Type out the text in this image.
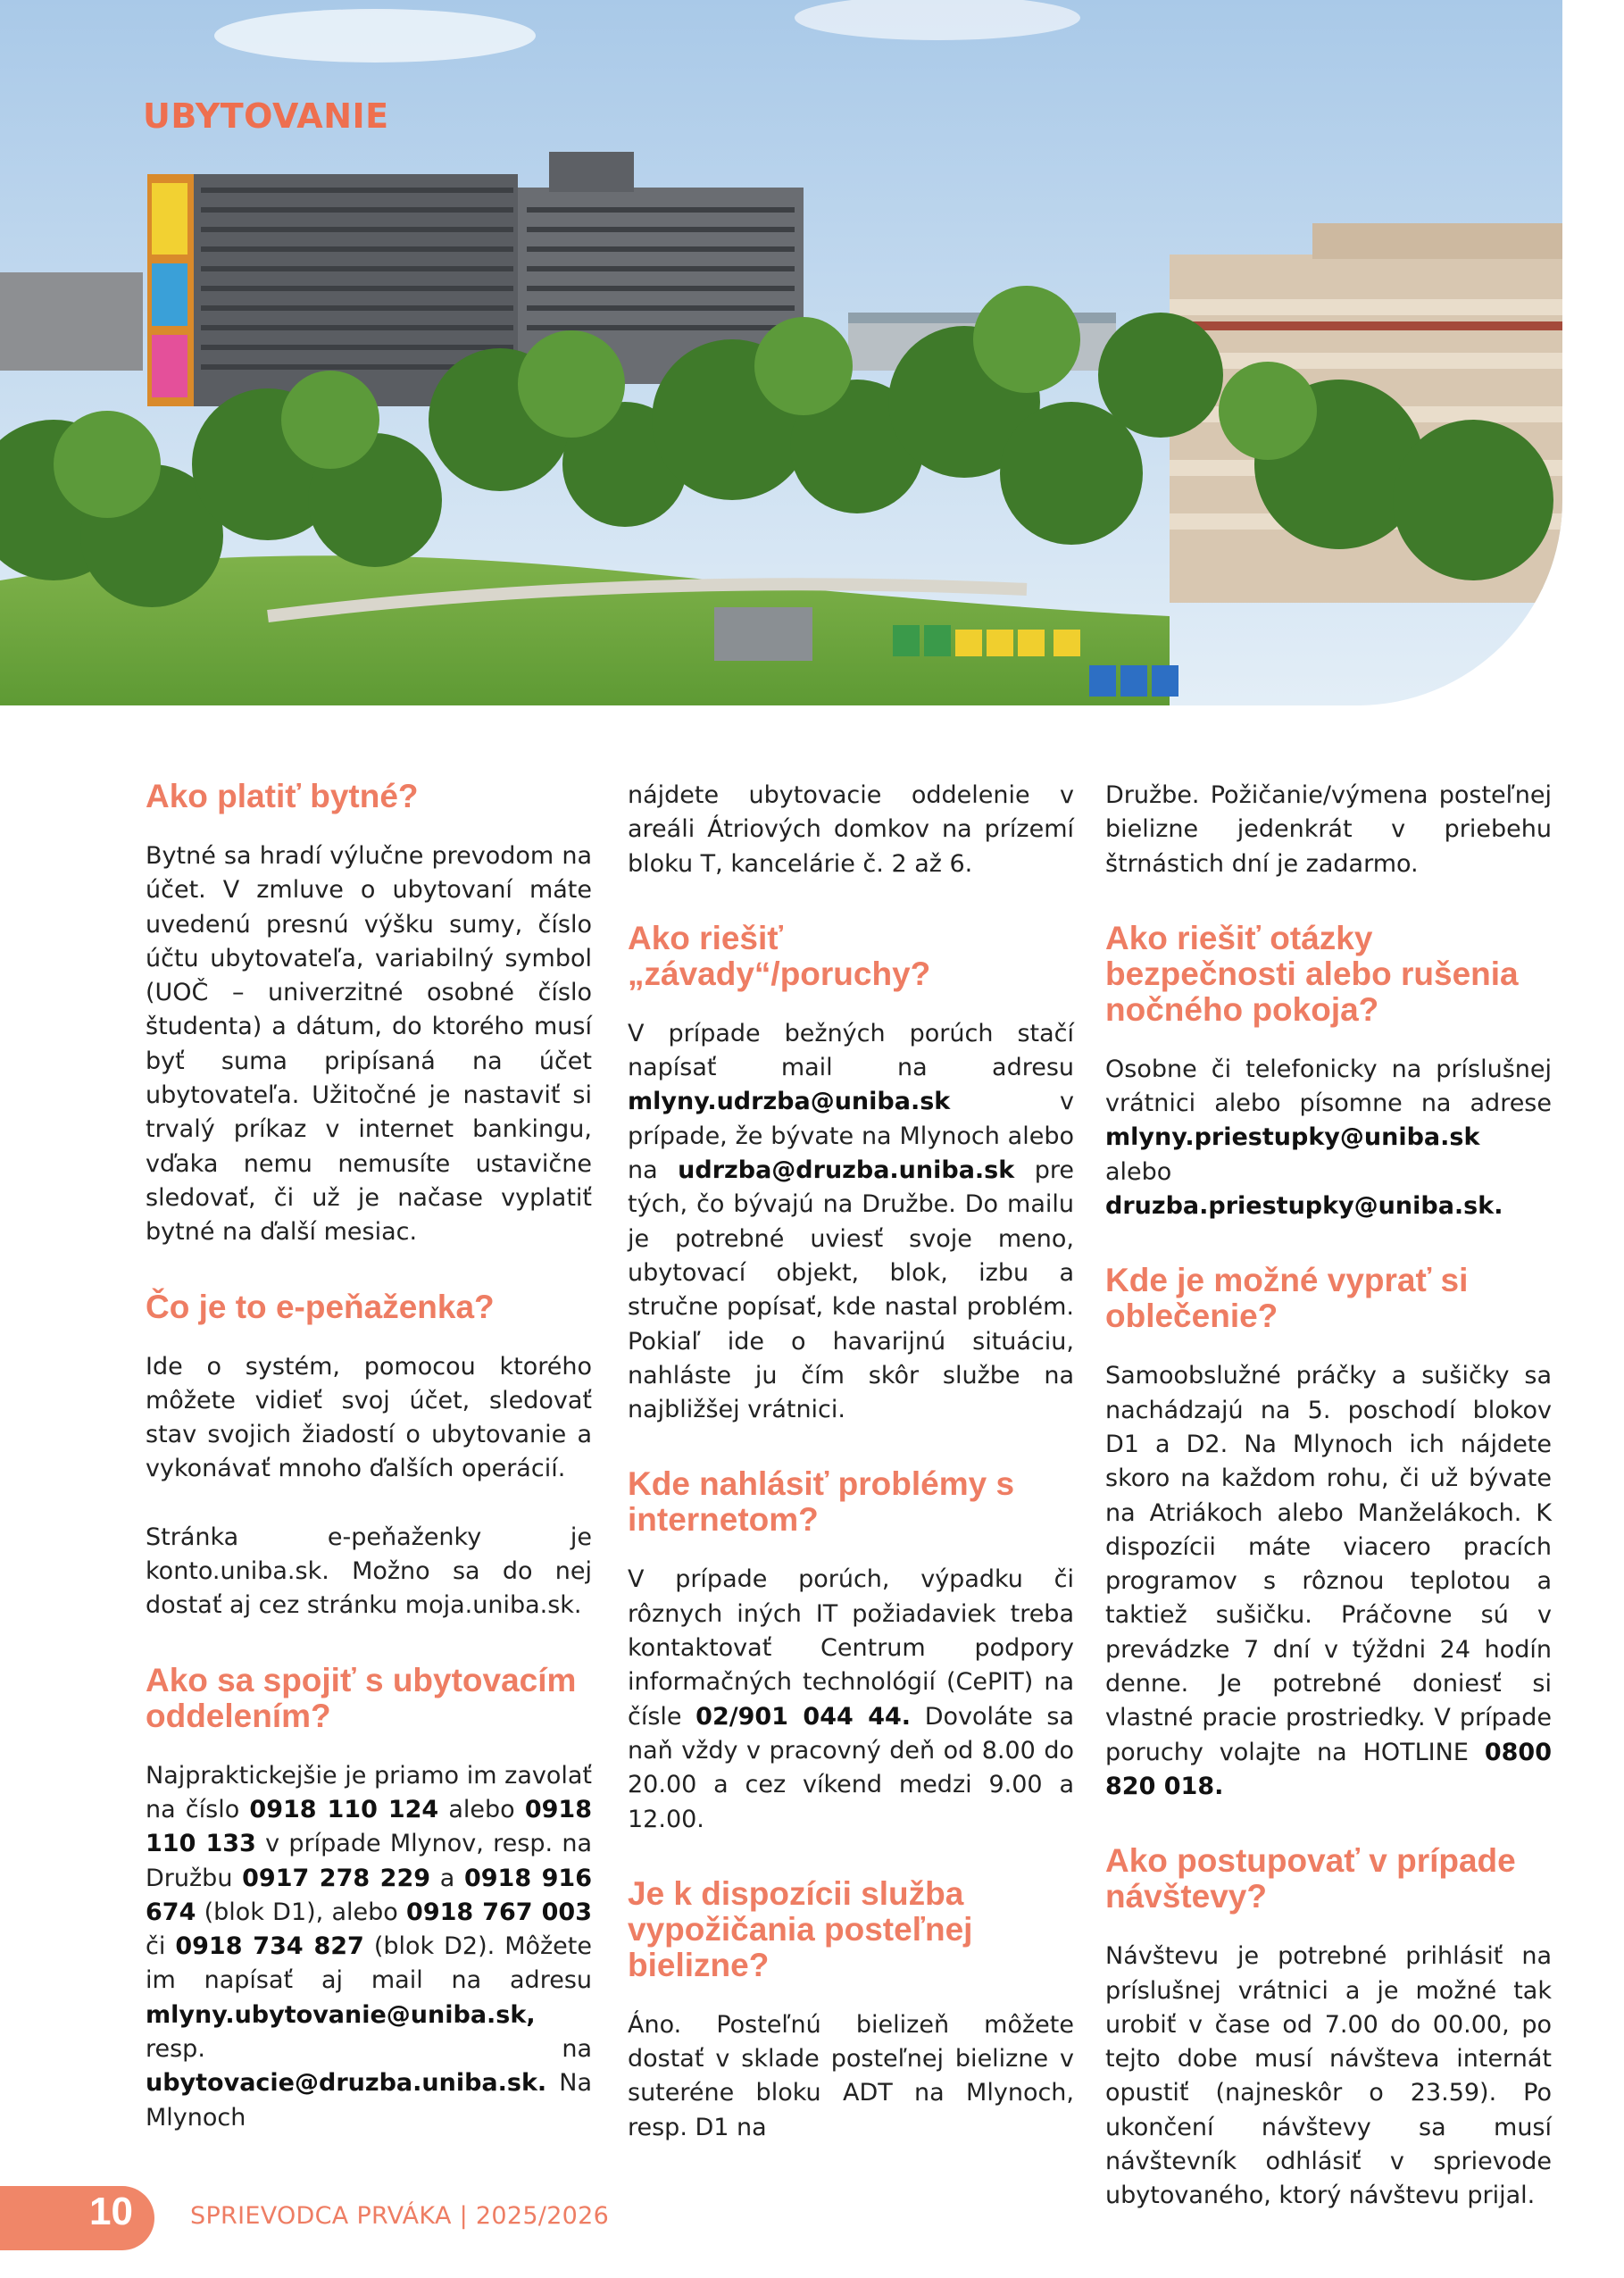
UBYTOVANIE
Ako platiť bytné?

Bytné sa hradí výlučne prevodom na účet. V zmluve o ubytovaní máte uvedenú presnú výšku sumy, číslo účtu ubytovateľa, variabilný symbol (UOČ – univerzitné osobné číslo študenta) a dátum, do ktorého musí byť suma pripísaná na účet ubytovateľa. Užitočné je nastaviť si trvalý príkaz v internet bankingu, vďaka nemu nemusíte ustavične sledovať, či už je načase vyplatiť bytné na ďalší mesiac.

Čo je to e-peňaženka?

Ide o systém, pomocou ktorého môžete vidieť svoj účet, sledovať stav svojich žiadostí o ubytovanie a vykonávať mnoho ďalších operácií.

Stránka e-peňaženky je konto.uniba.sk. Možno sa do nej dostať aj cez stránku moja.uniba.sk.

Ako sa spojiť s ubytovacím oddelením?

Najpraktickejšie je priamo im zavolať na číslo 0918 110 124 alebo 0918 110 133 v prípade Mlynov, resp. na Družbu 0917 278 229 a 0918 916 674 (blok D1), alebo 0918 767 003 či 0918 734 827 (blok D2). Môžete im napísať aj mail na adresu mlyny.ubytovanie@uniba.sk, resp. na ubytovacie@druzba.uniba.sk. Na Mlynoch

nájdete ubytovacie oddelenie v areáli Átriových domkov na prízemí bloku T, kancelárie č. 2 až 6.

Ako riešiť „závady“/poruchy?

V prípade bežných porúch stačí napísať mail na adresu mlyny.udrzba@uniba.sk v prípade, že bývate na Mlynoch alebo na udrzba@druzba.uniba.sk pre tých, čo bývajú na Družbe. Do mailu je potrebné uviesť svoje meno, ubytovací objekt, blok, izbu a stručne popísať, kde nastal problém. Pokiaľ ide o havarijnú situáciu, nahláste ju čím skôr službe na najbližšej vrátnici.

Kde nahlásiť problémy s internetom?

V prípade porúch, výpadku či rôznych iných IT požiadaviek treba kontaktovať Centrum podpory informačných technológií (CePIT) na čísle 02/901 044 44. Dovoláte sa naň vždy v pracovný deň od 8.00 do 20.00 a cez víkend medzi 9.00 a 12.00.

Je k dispozícii služba vypožičania posteľnej bielizne?

Áno. Posteľnú bielizeň môžete dostať v sklade posteľnej bielizne v suteréne bloku ADT na Mlynoch, resp. D1 na

Družbe. Požičanie/výmena posteľnej bielizne jedenkrát v priebehu štrnástich dní je zadarmo.

Ako riešiť otázky bezpečnosti alebo rušenia nočného pokoja?

Osobne či telefonicky na príslušnej vrátnici alebo písomne na adrese mlyny.priestupky@uniba.sk alebo druzba.priestupky@uniba.sk.

Kde je možné vyprať si oblečenie?

Samoobslužné práčky a sušičky sa nachádzajú na 5. poschodí blokov D1 a D2. Na Mlynoch ich nájdete skoro na každom rohu, či už bývate na Atriákoch alebo Manželákoch. K dispozícii máte viacero pracích programov s rôznou teplotou a taktiež sušičku. Práčovne sú v prevádzke 7 dní v týždni 24 hodín denne. Je potrebné doniesť si vlastné pracie prostriedky. V prípade poruchy volajte na HOTLINE 0800 820 018.

Ako postupovať v prípade návštevy?

Návštevu je potrebné prihlásiť na príslušnej vrátnici a je možné tak urobiť v čase od 7.00 do 00.00, po tejto dobe musí návšteva internát opustiť (najneskôr o 23.59). Po ukončení návštevy sa musí návštevník odhlásiť v sprievode ubytovaného, ktorý návštevu prijal.

10 SPRIEVODCA PRVÁKA | 2025/2026
